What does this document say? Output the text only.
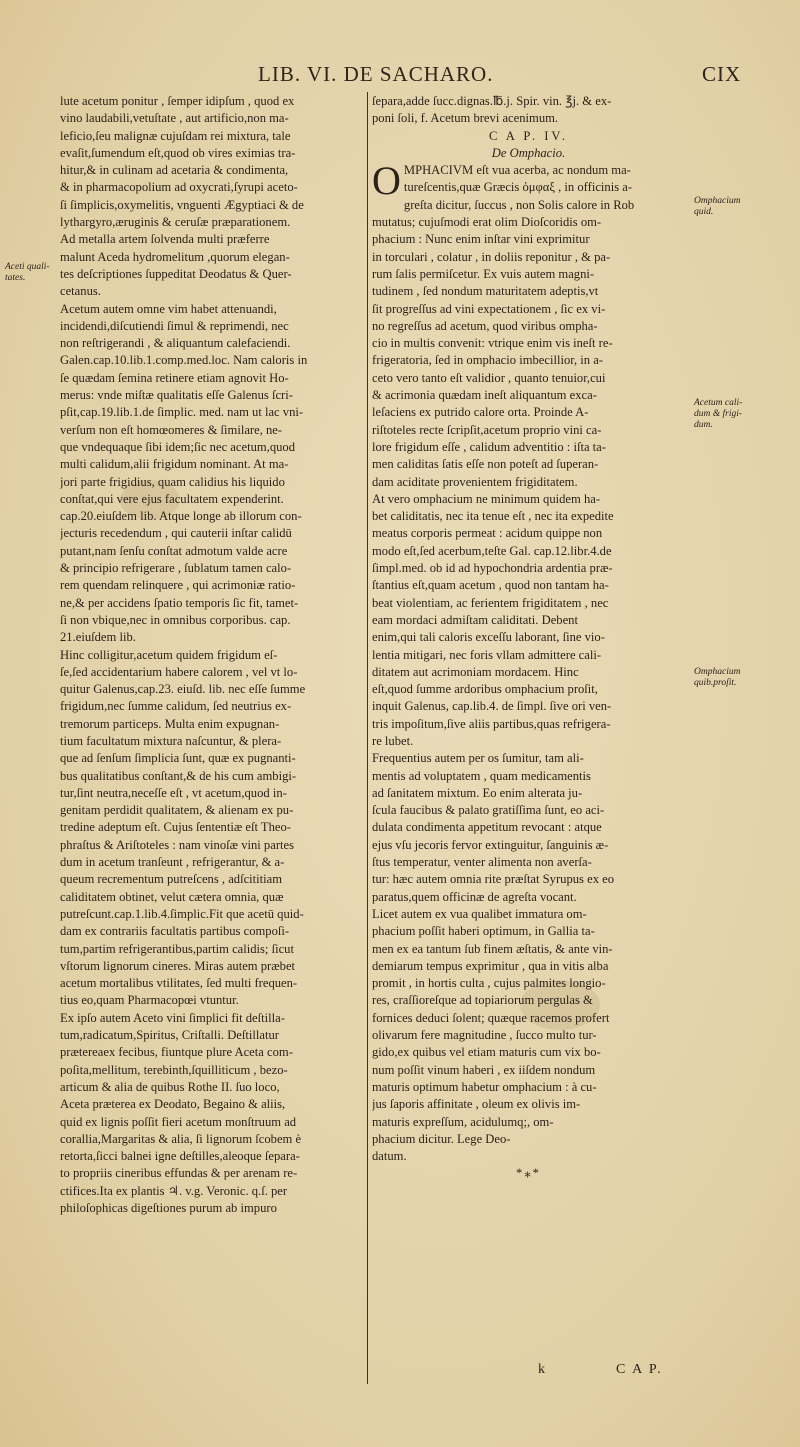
LIB. VI. DE SACHARO.	CIX
lute acetum ponitur , ſemper idipſum , quod ex
vino laudabili,vetuſtate , aut artificio,non ma-
leficio,ſeu malignæ cujuſdam rei mixtura, tale
evaſit,ſumendum eſt,quod ob vires eximias tra-
hitur,& in culinam ad acetaria & condimenta,
& in pharmacopolium ad oxycrati,ſyrupi aceto-
ſi ſimplicis,oxymelitis, vnguenti Ægyptiaci & de
lythargyro,æruginis & ceruſæ præparationem.
Ad metalla artem ſolvenda multi præferre
malunt Aceda hydromelitum ,quorum elegan-
tes deſcriptiones ſuppeditat Deodatus & Quer-
cetanus.
Acetum autem omne vim habet attenuandi,
incidendi,diſcutiendi ſimul & reprimendi, nec
non reſtrigerandi , & aliquantum calefaciendi.
Galen.cap.10.lib.1.comp.med.loc. Nam caloris in
ſe quædam ſemina retinere etiam agnovit Ho-
merus: vnde miſtæ qualitatis eſſe Galenus ſcri-
pſit,cap.19.lib.1.de ſimplic. med. nam ut lac vni-
verſum non eſt homœomeres & ſimilare, ne-
que vndequaque ſibi idem;ſic nec acetum,quod
multi calidum,alii frigidum nominant. At ma-
jori parte frigidius, quam calidius his liquido
conſtat,qui vere ejus facultatem expenderint.
cap.20.eiuſdem lib. Atque longe ab illorum con-
jecturis recedendum , qui cauterii inſtar calidū
putant,nam ſenſu conſtat admotum valde acre
& principio refrigerare , ſublatum tamen calo-
rem quendam relinquere , qui acrimoniæ ratio-
ne,& per accidens ſpatio temporis ſic fit, tamet-
ſi non vbique,nec in omnibus corporibus. cap.
21.eiuſdem lib.
Hinc colligitur,acetum quidem frigidum eſ-
ſe,ſed accidentarium habere calorem , vel vt lo-
quitur Galenus,cap.23. eiuſd. lib. nec eſſe ſumme
frigidum,nec ſumme calidum, ſed neutrius ex-
tremorum particeps. Multa enim expugnan-
tium facultatum mixtura naſcuntur, & plera-
que ad ſenſum ſimplicia ſunt, quæ ex pugnanti-
bus qualitatibus conſtant,& de his cum ambigi-
tur,ſint neutra,neceſſe eſt , vt acetum,quod in-
genitam perdidit qualitatem, & alienam ex pu-
tredine adeptum eſt. Cujus ſententiæ eſt Theo-
phraſtus & Ariſtoteles : nam vinoſæ vini partes
dum in acetum tranſeunt , refrigerantur, & a-
queum recrementum putreſcens , adſcititiam
caliditatem obtinet, velut cætera omnia, quæ
putreſcunt.cap.1.lib.4.ſimplic.Fit que acetū quid-
dam ex contrariis facultatis partibus compoſi-
tum,partim refrigerantibus,partim calidis; ſicut
vſtorum lignorum cineres. Miras autem præbet
acetum mortalibus vtilitates, ſed multi frequen-
tius eo,quam Pharmacopœi vtuntur.
Ex ipſo autem Aceto vini ſimplici fit deſtilla-
tum,radicatum,Spiritus, Criſtalli. Deſtillatur
prætereaex fecibus, fiuntque plure Aceta com-
poſita,mellitum, terebinth,ſquilliticum , bezo-
articum & alia de quibus Rothe II. ſuo loco,
Aceta præterea ex Deodato, Begaino & aliis,
quid ex lignis poſſit fieri acetum monſtruum ad
corallia,Margaritas & alia, ſi lignorum ſcobem è
retorta,ſicci balnei igne deſtilles,aleoque ſepara-
to propriis cineribus effundas & per arenam re-
ctifices.Ita ex plantis ♃. v.g. Veronic. q.ſ. per
philoſophicas digeſtiones purum ab impuro
ſepara,adde ſucc.dignas.℔.j. Spir. vin. ℥j. & ex-
poni ſoli, f. Acetum brevi acenimum.
C A P. IV.
De Omphacio.
O MPHACIVM eſt vua acerba, ac nondum ma-
tureſcentis,quæ Græcis ὀμφαξ , in officinis a-
greſta dicitur, ſuccus , non Solis calore in Rob
mutatus; cujuſmodi erat olim Dioſcoridis om-
phacium : Nunc enim inſtar vini exprimitur
in torculari , colatur , in doliis reponitur , & pa-
rum ſalis permiſcetur. Ex vuis autem magni-
tudinem , ſed nondum maturitatem adeptis,vt
ſit progreſſus ad vini expectationem , ſic ex vi-
no regreſſus ad acetum, quod viribus ompha-
cio in multis convenit: vtrique enim vis ineſt re-
frigeratoria, ſed in omphacio imbecillior, in a-
ceto vero tanto eſt validior , quanto tenuior,cui
& acrimonia quædam ineſt aliquantum exca-
leſaciens ex putrido calore orta. Proinde A-
riſtoteles recte ſcripſit,acetum proprio vini ca-
lore frigidum eſſe , calidum adventitio : iſta ta-
men caliditas ſatis eſſe non poteſt ad ſuperan-
dam aciditate provenientem frigiditatem.
At vero omphacium ne minimum quidem ha-
bet caliditatis, nec ita tenue eſt , nec ita expedite
meatus corporis permeat : acidum quippe non
modo eſt,ſed acerbum,teſte Gal. cap.12.libr.4.de
ſimpl.med. ob id ad hypochondria ardentia præ-
ſtantius eſt,quam acetum , quod non tantam ha-
beat violentiam, ac ferientem frigiditatem , nec
eam mordaci admiſtam caliditati. Debent
enim,qui tali caloris exceſſu laborant, ſine vio-
lentia mitigari, nec foris vllam admittere cali-
ditatem aut acrimoniam mordacem. Hinc
eſt,quod ſumme ardoribus omphacium proſit,
inquit Galenus, cap.lib.4. de ſimpl. ſive ori ven-
tris impoſitum,ſive aliis partibus,quas refrigera-
re lubet.
Frequentius autem per os ſumitur, tam ali-
mentis ad voluptatem , quam medicamentis
ad ſanitatem mixtum. Eo enim alterata ju-
ſcula faucibus & palato gratiſſima ſunt, eo aci-
dulata condimenta appetitum revocant : atque
ejus vſu jecoris fervor extinguitur, ſanguinis æ-
ſtus temperatur, venter alimenta non averſa-
tur: hæc autem omnia rite præſtat Syrupus ex eo
paratus,quem officinæ de agreſta vocant.
Licet autem ex vua qualibet immatura om-
phacium poſſit haberi optimum, in Gallia ta-
men ex ea tantum ſub finem æſtatis, & ante vin-
demiarum tempus exprimitur , qua in vitis alba
promit , in hortis culta , cujus palmites longio-
res, craſſioreſque ad topiariorum pergulas &
fornices deduci ſolent; quæque racemos profert
olivarum fere magnitudine , ſucco multo tur-
gido,ex quibus vel etiam maturis cum vix bo-
num poſſit vinum haberi , ex iiſdem nondum
maturis optimum habetur omphacium : à cu-
jus ſaporis affinitate , oleum ex olivis im-
maturis expreſſum, acidulumq;, om-
phacium dicitur. Lege Deo-
datum.
*⁎*
Aceti quali-
tates.
Omphacium
quid.
Acetum cali-
dum & frigi-
dum.
Omphacium
quib.proſit.
k	C A P.
